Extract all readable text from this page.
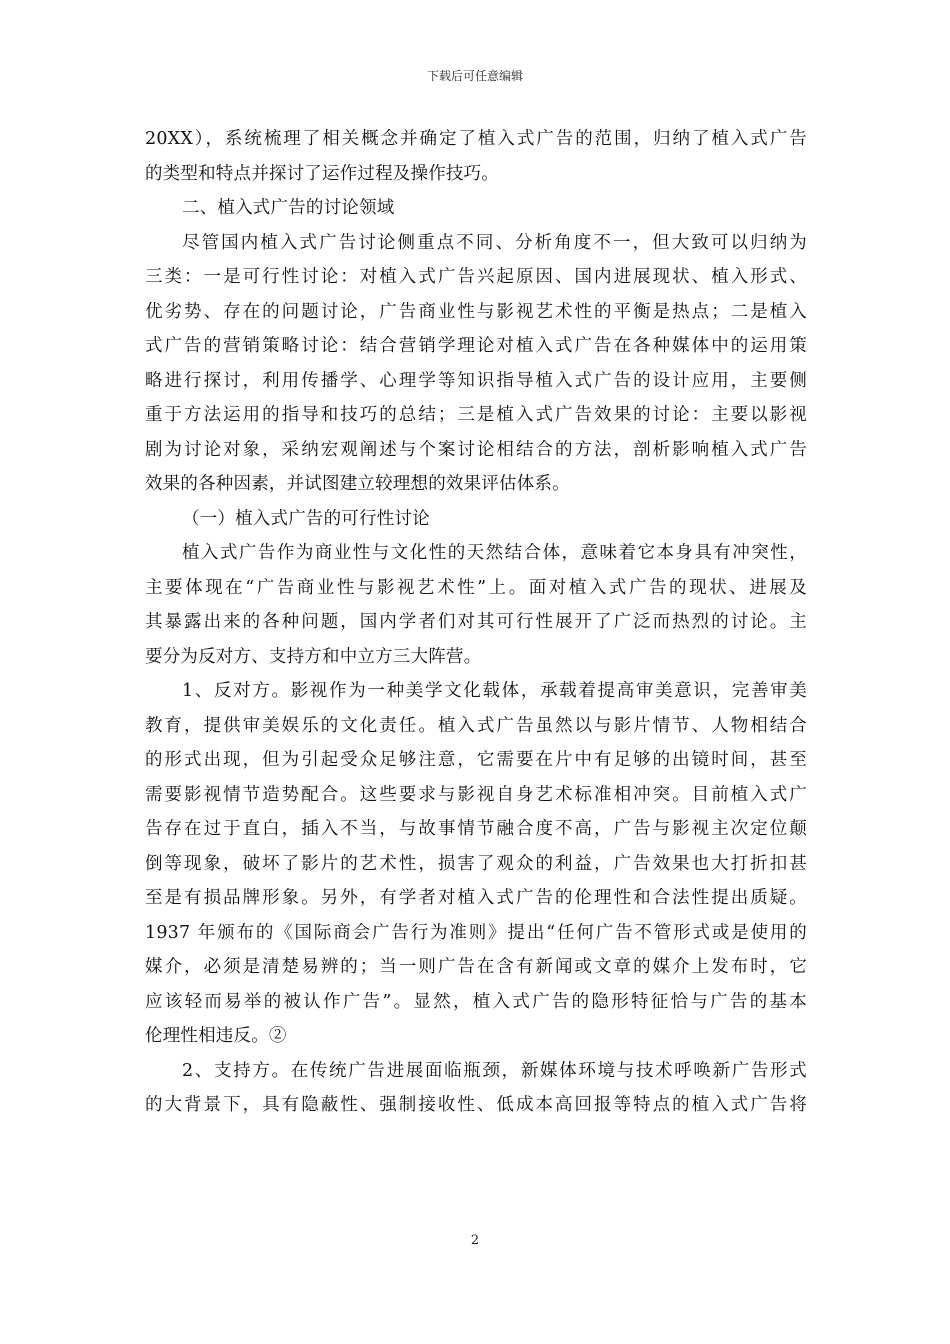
下载后可任意编辑
20XX），系统梳理了相关概念并确定了植入式广告的范围，归纳了植入式广告
的类型和特点并探讨了运作过程及操作技巧。
二、植入式广告的讨论领域
尽管国内植入式广告讨论侧重点不同、分析角度不一，但大致可以归纳为
三类：一是可行性讨论：对植入式广告兴起原因、国内进展现状、植入形式、
优劣势、存在的问题讨论，广告商业性与影视艺术性的平衡是热点；二是植入
式广告的营销策略讨论：结合营销学理论对植入式广告在各种媒体中的运用策
略进行探讨，利用传播学、心理学等知识指导植入式广告的设计应用，主要侧
重于方法运用的指导和技巧的总结；三是植入式广告效果的讨论：主要以影视
剧为讨论对象，采纳宏观阐述与个案讨论相结合的方法，剖析影响植入式广告
效果的各种因素，并试图建立较理想的效果评估体系。
（一）植入式广告的可行性讨论
植入式广告作为商业性与文化性的天然结合体，意味着它本身具有冲突性，
主要体现在“广告商业性与影视艺术性”上。面对植入式广告的现状、进展及
其暴露出来的各种问题，国内学者们对其可行性展开了广泛而热烈的讨论。主
要分为反对方、支持方和中立方三大阵营。
1、反对方。影视作为一种美学文化载体，承载着提高审美意识，完善审美
教育，提供审美娱乐的文化责任。植入式广告虽然以与影片情节、人物相结合
的形式出现，但为引起受众足够注意，它需要在片中有足够的出镜时间，甚至
需要影视情节造势配合。这些要求与影视自身艺术标准相冲突。目前植入式广
告存在过于直白，插入不当，与故事情节融合度不高，广告与影视主次定位颠
倒等现象，破坏了影片的艺术性，损害了观众的利益，广告效果也大打折扣甚
至是有损品牌形象。另外，有学者对植入式广告的伦理性和合法性提出质疑。
1937 年颁布的《国际商会广告行为准则》提出“任何广告不管形式或是使用的
媒介，必须是清楚易辨的；当一则广告在含有新闻或文章的媒介上发布时，它
应该轻而易举的被认作广告”。显然，植入式广告的隐形特征恰与广告的基本
伦理性相违反。②
2、支持方。在传统广告进展面临瓶颈，新媒体环境与技术呼唤新广告形式
的大背景下，具有隐蔽性、强制接收性、低成本高回报等特点的植入式广告将
2
